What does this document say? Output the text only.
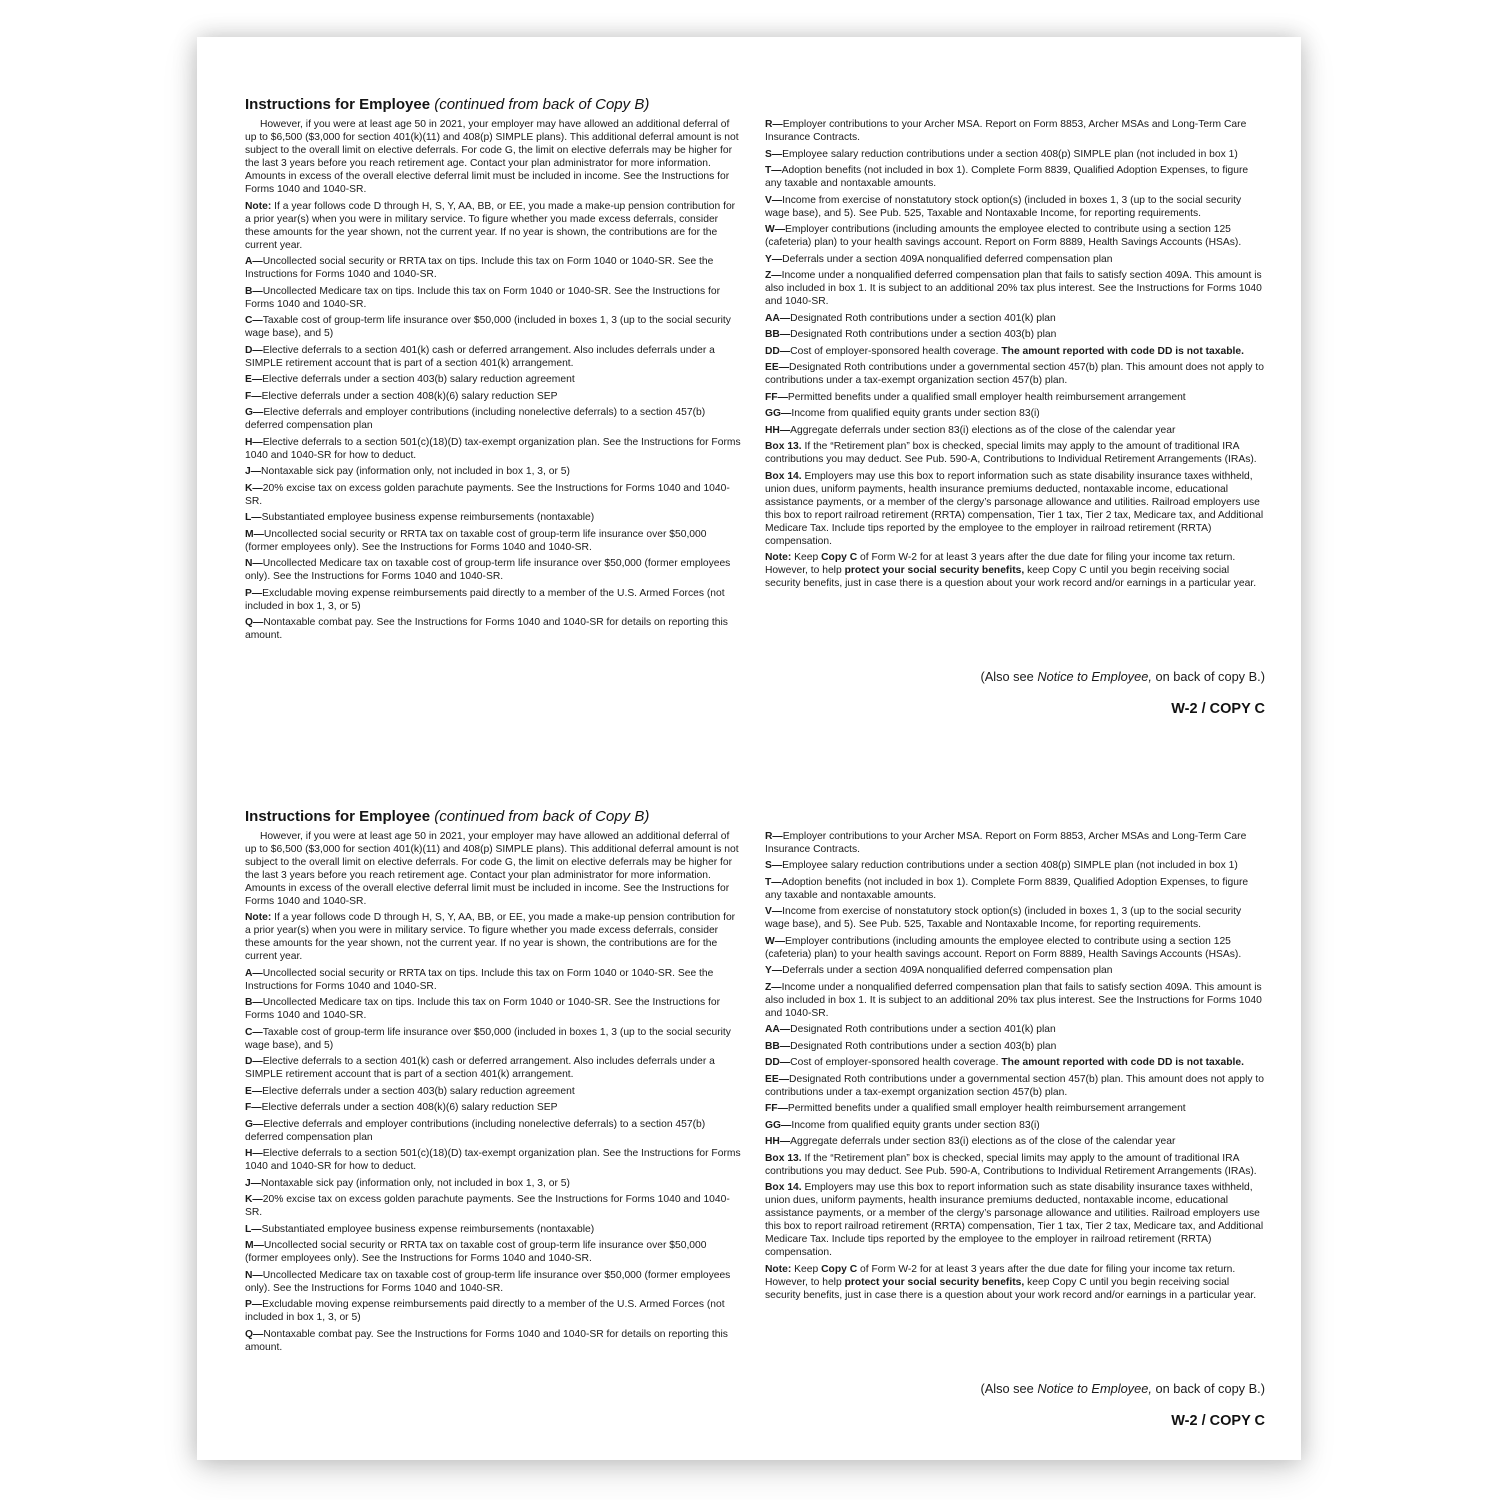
Instructions for Employee (continued from back of Copy B)

However, if you were at least age 50 in 2021, your employer may have allowed an additional deferral of up to $6,500 ($3,000 for section 401(k)(11) and 408(p) SIMPLE plans). This additional deferral amount is not subject to the overall limit on elective deferrals. For code G, the limit on elective deferrals may be higher for the last 3 years before you reach retirement age. Contact your plan administrator for more information. Amounts in excess of the overall elective deferral limit must be included in income. See the Instructions for Forms 1040 and 1040-SR.

Note: If a year follows code D through H, S, Y, AA, BB, or EE, you made a make-up pension contribution for a prior year(s) when you were in military service. To figure whether you made excess deferrals, consider these amounts for the year shown, not the current year. If no year is shown, the contributions are for the current year.

A—Uncollected social security or RRTA tax on tips. Include this tax on Form 1040 or 1040-SR. See the Instructions for Forms 1040 and 1040-SR.

B—Uncollected Medicare tax on tips. Include this tax on Form 1040 or 1040-SR. See the Instructions for Forms 1040 and 1040-SR.

C—Taxable cost of group-term life insurance over $50,000 (included in boxes 1, 3 (up to the social security wage base), and 5)

D—Elective deferrals to a section 401(k) cash or deferred arrangement. Also includes deferrals under a SIMPLE retirement account that is part of a section 401(k) arrangement.

E—Elective deferrals under a section 403(b) salary reduction agreement

F—Elective deferrals under a section 408(k)(6) salary reduction SEP

G—Elective deferrals and employer contributions (including nonelective deferrals) to a section 457(b) deferred compensation plan

H—Elective deferrals to a section 501(c)(18)(D) tax-exempt organization plan. See the Instructions for Forms 1040 and 1040-SR for how to deduct.

J—Nontaxable sick pay (information only, not included in box 1, 3, or 5)

K—20% excise tax on excess golden parachute payments. See the Instructions for Forms 1040 and 1040-SR.

L—Substantiated employee business expense reimbursements (nontaxable)

M—Uncollected social security or RRTA tax on taxable cost of group-term life insurance over $50,000 (former employees only). See the Instructions for Forms 1040 and 1040-SR.

N—Uncollected Medicare tax on taxable cost of group-term life insurance over $50,000 (former employees only). See the Instructions for Forms 1040 and 1040-SR.

P—Excludable moving expense reimbursements paid directly to a member of the U.S. Armed Forces (not included in box 1, 3, or 5)

Q—Nontaxable combat pay. See the Instructions for Forms 1040 and 1040-SR for details on reporting this amount.

R—Employer contributions to your Archer MSA. Report on Form 8853, Archer MSAs and Long-Term Care Insurance Contracts.

S—Employee salary reduction contributions under a section 408(p) SIMPLE plan (not included in box 1)

T—Adoption benefits (not included in box 1). Complete Form 8839, Qualified Adoption Expenses, to figure any taxable and nontaxable amounts.

V—Income from exercise of nonstatutory stock option(s) (included in boxes 1, 3 (up to the social security wage base), and 5). See Pub. 525, Taxable and Nontaxable Income, for reporting requirements.

W—Employer contributions (including amounts the employee elected to contribute using a section 125 (cafeteria) plan) to your health savings account. Report on Form 8889, Health Savings Accounts (HSAs).

Y—Deferrals under a section 409A nonqualified deferred compensation plan

Z—Income under a nonqualified deferred compensation plan that fails to satisfy section 409A. This amount is also included in box 1. It is subject to an additional 20% tax plus interest. See the Instructions for Forms 1040 and 1040-SR.

AA—Designated Roth contributions under a section 401(k) plan

BB—Designated Roth contributions under a section 403(b) plan

DD—Cost of employer-sponsored health coverage. The amount reported with code DD is not taxable.

EE—Designated Roth contributions under a governmental section 457(b) plan. This amount does not apply to contributions under a tax-exempt organization section 457(b) plan.

FF—Permitted benefits under a qualified small employer health reimbursement arrangement

GG—Income from qualified equity grants under section 83(i)

HH—Aggregate deferrals under section 83(i) elections as of the close of the calendar year

Box 13. If the “Retirement plan” box is checked, special limits may apply to the amount of traditional IRA contributions you may deduct. See Pub. 590-A, Contributions to Individual Retirement Arrangements (IRAs).

Box 14. Employers may use this box to report information such as state disability insurance taxes withheld, union dues, uniform payments, health insurance premiums deducted, nontaxable income, educational assistance payments, or a member of the clergy’s parsonage allowance and utilities. Railroad employers use this box to report railroad retirement (RRTA) compensation, Tier 1 tax, Tier 2 tax, Medicare tax, and Additional Medicare Tax. Include tips reported by the employee to the employer in railroad retirement (RRTA) compensation.

Note: Keep Copy C of Form W-2 for at least 3 years after the due date for filing your income tax return. However, to help protect your social security benefits, keep Copy C until you begin receiving social security benefits, just in case there is a question about your work record and/or earnings in a particular year.

(Also see Notice to Employee, on back of copy B.)
W-2 / COPY C
Instructions for Employee (continued from back of Copy B)

However, if you were at least age 50 in 2021, your employer may have allowed an additional deferral of up to $6,500 ($3,000 for section 401(k)(11) and 408(p) SIMPLE plans). This additional deferral amount is not subject to the overall limit on elective deferrals. For code G, the limit on elective deferrals may be higher for the last 3 years before you reach retirement age. Contact your plan administrator for more information. Amounts in excess of the overall elective deferral limit must be included in income. See the Instructions for Forms 1040 and 1040-SR.

Note: If a year follows code D through H, S, Y, AA, BB, or EE, you made a make-up pension contribution for a prior year(s) when you were in military service. To figure whether you made excess deferrals, consider these amounts for the year shown, not the current year. If no year is shown, the contributions are for the current year.

A—Uncollected social security or RRTA tax on tips. Include this tax on Form 1040 or 1040-SR. See the Instructions for Forms 1040 and 1040-SR.

B—Uncollected Medicare tax on tips. Include this tax on Form 1040 or 1040-SR. See the Instructions for Forms 1040 and 1040-SR.

C—Taxable cost of group-term life insurance over $50,000 (included in boxes 1, 3 (up to the social security wage base), and 5)

D—Elective deferrals to a section 401(k) cash or deferred arrangement. Also includes deferrals under a SIMPLE retirement account that is part of a section 401(k) arrangement.

E—Elective deferrals under a section 403(b) salary reduction agreement

F—Elective deferrals under a section 408(k)(6) salary reduction SEP

G—Elective deferrals and employer contributions (including nonelective deferrals) to a section 457(b) deferred compensation plan

H—Elective deferrals to a section 501(c)(18)(D) tax-exempt organization plan. See the Instructions for Forms 1040 and 1040-SR for how to deduct.

J—Nontaxable sick pay (information only, not included in box 1, 3, or 5)

K—20% excise tax on excess golden parachute payments. See the Instructions for Forms 1040 and 1040-SR.

L—Substantiated employee business expense reimbursements (nontaxable)

M—Uncollected social security or RRTA tax on taxable cost of group-term life insurance over $50,000 (former employees only). See the Instructions for Forms 1040 and 1040-SR.

N—Uncollected Medicare tax on taxable cost of group-term life insurance over $50,000 (former employees only). See the Instructions for Forms 1040 and 1040-SR.

P—Excludable moving expense reimbursements paid directly to a member of the U.S. Armed Forces (not included in box 1, 3, or 5)

Q—Nontaxable combat pay. See the Instructions for Forms 1040 and 1040-SR for details on reporting this amount.

R—Employer contributions to your Archer MSA. Report on Form 8853, Archer MSAs and Long-Term Care Insurance Contracts.

S—Employee salary reduction contributions under a section 408(p) SIMPLE plan (not included in box 1)

T—Adoption benefits (not included in box 1). Complete Form 8839, Qualified Adoption Expenses, to figure any taxable and nontaxable amounts.

V—Income from exercise of nonstatutory stock option(s) (included in boxes 1, 3 (up to the social security wage base), and 5). See Pub. 525, Taxable and Nontaxable Income, for reporting requirements.

W—Employer contributions (including amounts the employee elected to contribute using a section 125 (cafeteria) plan) to your health savings account. Report on Form 8889, Health Savings Accounts (HSAs).

Y—Deferrals under a section 409A nonqualified deferred compensation plan

Z—Income under a nonqualified deferred compensation plan that fails to satisfy section 409A. This amount is also included in box 1. It is subject to an additional 20% tax plus interest. See the Instructions for Forms 1040 and 1040-SR.

AA—Designated Roth contributions under a section 401(k) plan

BB—Designated Roth contributions under a section 403(b) plan

DD—Cost of employer-sponsored health coverage. The amount reported with code DD is not taxable.

EE—Designated Roth contributions under a governmental section 457(b) plan. This amount does not apply to contributions under a tax-exempt organization section 457(b) plan.

FF—Permitted benefits under a qualified small employer health reimbursement arrangement

GG—Income from qualified equity grants under section 83(i)

HH—Aggregate deferrals under section 83(i) elections as of the close of the calendar year

Box 13. If the “Retirement plan” box is checked, special limits may apply to the amount of traditional IRA contributions you may deduct. See Pub. 590-A, Contributions to Individual Retirement Arrangements (IRAs).

Box 14. Employers may use this box to report information such as state disability insurance taxes withheld, union dues, uniform payments, health insurance premiums deducted, nontaxable income, educational assistance payments, or a member of the clergy’s parsonage allowance and utilities. Railroad employers use this box to report railroad retirement (RRTA) compensation, Tier 1 tax, Tier 2 tax, Medicare tax, and Additional Medicare Tax. Include tips reported by the employee to the employer in railroad retirement (RRTA) compensation.

Note: Keep Copy C of Form W-2 for at least 3 years after the due date for filing your income tax return. However, to help protect your social security benefits, keep Copy C until you begin receiving social security benefits, just in case there is a question about your work record and/or earnings in a particular year.

(Also see Notice to Employee, on back of copy B.)
W-2 / COPY C
